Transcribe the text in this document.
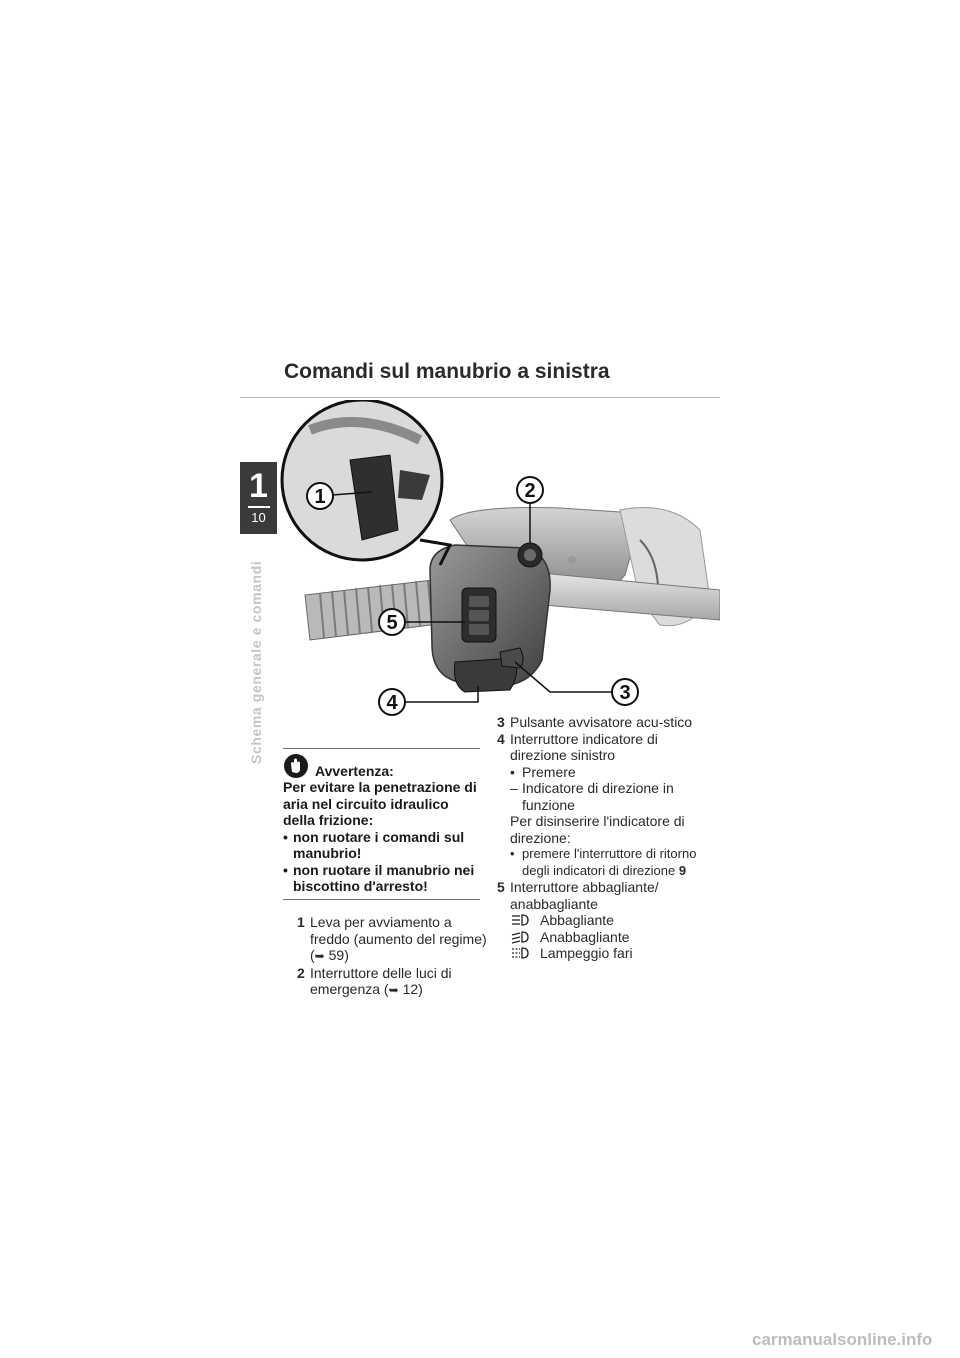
1
10
Schema generale e comandi
Comandi sul manubrio a sinistra
1	2
5
4	3
Avvertenza:
Per evitare la penetrazione di aria nel circuito idraulico della frizione:
• non ruotare i comandi sul manubrio!
• non ruotare il manubrio nei biscottino d'arresto!
1 Leva per avviamento a freddo (aumento del regime) (➥ 59)
2 Interruttore delle luci di emergenza (➥ 12)
3 Pulsante avvisatore acu-stico
4 Interruttore indicatore di direzione sinistro
• Premere
– Indicatore di direzione in funzione
Per disinserire l'indicatore di direzione:
• premere l'interruttore di ritorno degli indicatori di direzione 9
5 Interruttore abbagliante/ anabbagliante
Abbagliante
Anabbagliante
Lampeggio fari
carmanualsonline.info
